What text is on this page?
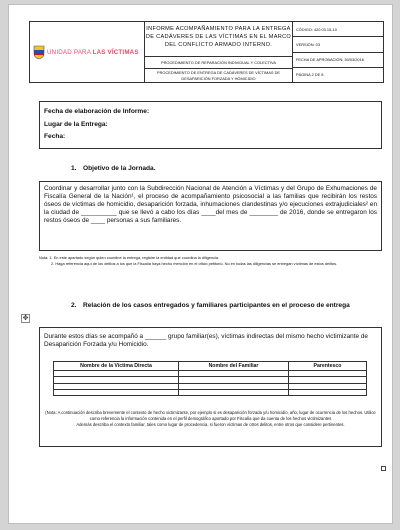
UNIDAD PARA LAS VÍCTIMAS
INFORME ACOMPAÑAMIENTO PARA LA ENTREGA DE CADÁVERES DE LAS VÍCTIMAS EN EL MARCO DEL CONFLICTO ARMADO INTERNO.
PROCEDIMIENTO DE REPARACIÓN INDIVIDUAL Y COLECTIVA
PROCEDIMIENTO DE ENTREGA DE CADÁVERES DE VÍCTIMAS DE DESAPARICIÓN FORZADA Y HOMICIDIO
CÓDIGO: 420.03.15-10
VERSIÓN: 03
FECHA DE APROBACIÓN: 30/03/2016
PÁGINA 2 DE 8

Fecha de elaboración de Informe:

Lugar de la Entrega:

Fecha:

1. Objetivo de la Jornada.

Coordinar y desarrollar junto con la Subdirección Nacional de Atención a Víctimas y del Grupo de Exhumaciones de Fiscalía General de la Nación¹, el proceso de acompañamiento psicosocial a las familias que recibirán los restos óseos de víctimas de homicidio, desaparición forzada, inhumaciones clandestinas y/o ejecuciones extrajudiciales² en la ciudad de __________ que se llevó a cabo los días ____del mes de ________ de 2016, donde se entregaron los restos óseos de ____ personas a sus familiares.

Nota: 1. En este apartado según quien coordine la entrega, registre la entidad que coordina la diligencia.
2. Haga referencia aquí de los delitos a los que la Fiscalía haya hecho mención en el oficio petitorio. No en todas las diligencias se entregan víctimas de estos delitos.
✥
2. Relación de los casos entregados y familiares participantes en el proceso de entrega

Durante estos días se acompañó a ______ grupo familiar(es), víctimas indirectas del mismo hecho victimizante de Desaparición Forzada y/u Homicidio.

Nombre de la Víctima Directa	Nombre del Familiar	Parentesco

(Nota: A continuación describa brevemente el contexto de hecho victimizante, por ejemplo si es desaparición forzada y/u homicidio, año, lugar de ocurrencia de los hechos. Utilice como referencia la información contenida en el perfil demográfico aportado por Fiscalía que da cuenta de los hechos victimizantes
Además describa el contexto familiar, tales como lugar de procedencia, si fueron víctimas de otros delitos, entre otros que considere pertinentes.
